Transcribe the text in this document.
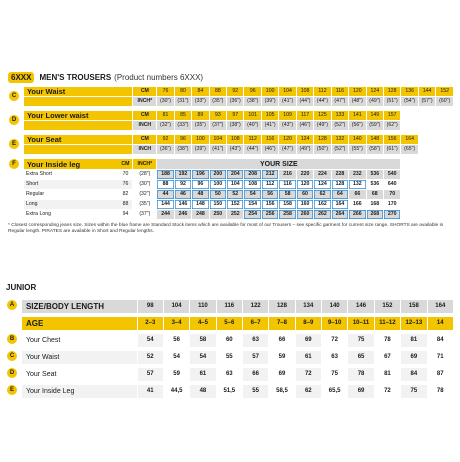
6XXX	MEN'S TROUSERS (Product numbers 6XXX)
C	Your Waist	CM	76	80	84	88	92	96	100	104	108	112	116	120	124	128	136	144	152
		INCH*	(30")	(31")	(33")	(35")	(36")	(38")	(39")	(41")	(44")	(44")	(47")	(48")	(49")	(51")	(54")	(57")	(60")

D	Your Lower waist	CM	81	85	89	93	97	101	105	109	117	125	133	141	149	157			
		INCH	(32")	(33")	(35")	(37")	(38")	(40")	(41")	(43")	(46")	(49")	(52")	(56")	(59")	(62")			

E	Your Seat	CM	92	96	100	104	108	112	116	120	124	128	132	140	148	156	164		
		INCH	(36")	(38")	(39")	(41")	(43")	(44")	(46")	(47")	(49")	(50")	(52")	(55")	(58")	(61")	(65")		

F	Your Inside leg CM	INCH*	YOUR SIZE																
	Extra Short 70	(28")	188	192	196	200	204	208	212	216	220	224	228	232	536	540			
	Short 76	(30")	88	92	96	100	104	108	112	116	120	124	128	132	536	640			
	Regular 82	(32")	44	46	48	50	52	54	56	58	60	62	64	66	68	70			
	Long 88	(35")	144	146	148	150	152	154	156	158	160	162	164	166	168	170			
	Extra Long 94	(37")	244	246	248	250	252	254	256	258	260	262	264	266	268	270			
* Closest corresponding jeans size. Sizes within the blue frame are Standard Stock items which are available for most of our Trousers – see specific garment for current size range. SHORTS are available in Regular length. PIRATES are available in Short and Regular lengths.
JUNIOR
A	SIZE/BODY LENGTH	98	104	110	116	122	128	134	140	146	152	158	164

	AGE	2–3	3–4	4–5	5–6	6–7	7–8	8–9	9–10	10–11	11–12	12–13	14

B	Your Chest	54	56	58	60	63	66	69	72	75	78	81	84

C	Your Waist	52	54	54	55	57	59	61	63	65	67	69	71

D	Your Seat	57	59	61	63	66	69	72	75	78	81	84	87

E	Your Inside Leg	41	44,5	48	51,5	55	58,5	62	65,5	69	72	75	78
